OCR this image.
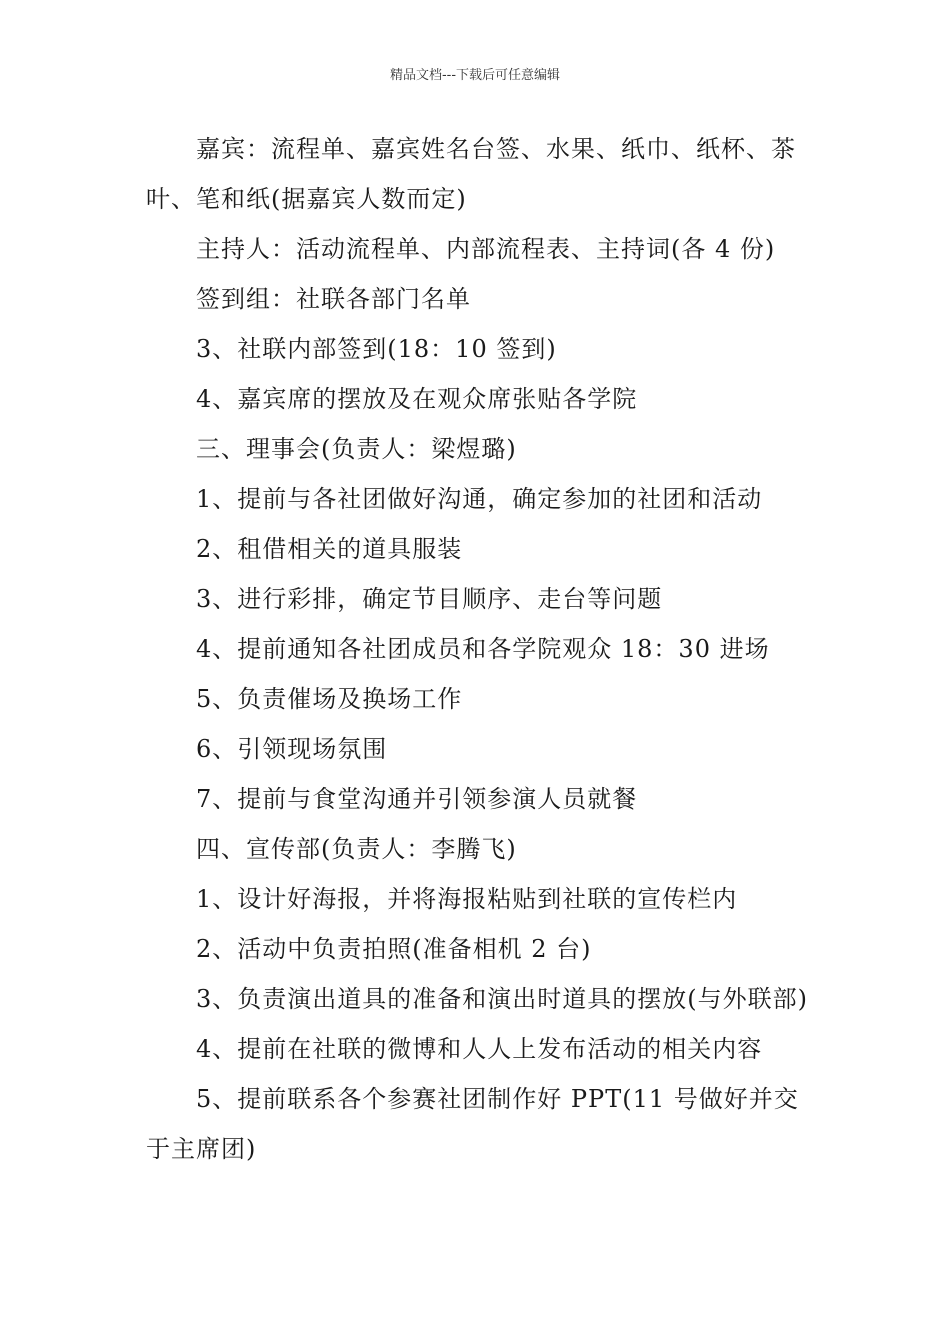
精品文档---下载后可任意编辑

嘉宾：流程单、嘉宾姓名台签、水果、纸巾、纸杯、茶叶、笔和纸(据嘉宾人数而定)

主持人：活动流程单、内部流程表、主持词(各 4 份)

签到组：社联各部门名单

3、社联内部签到(18：10 签到)

4、嘉宾席的摆放及在观众席张贴各学院

三、理事会(负责人：梁煜璐)

1、提前与各社团做好沟通，确定参加的社团和活动

2、租借相关的道具服装

3、进行彩排，确定节目顺序、走台等问题

4、提前通知各社团成员和各学院观众 18：30 进场

5、负责催场及换场工作

6、引领现场氛围

7、提前与食堂沟通并引领参演人员就餐

四、宣传部(负责人：李腾飞)

1、设计好海报，并将海报粘贴到社联的宣传栏内

2、活动中负责拍照(准备相机 2 台)

3、负责演出道具的准备和演出时道具的摆放(与外联部)

4、提前在社联的微博和人人上发布活动的相关内容

5、提前联系各个参赛社团制作好 PPT(11 号做好并交于主席团)
